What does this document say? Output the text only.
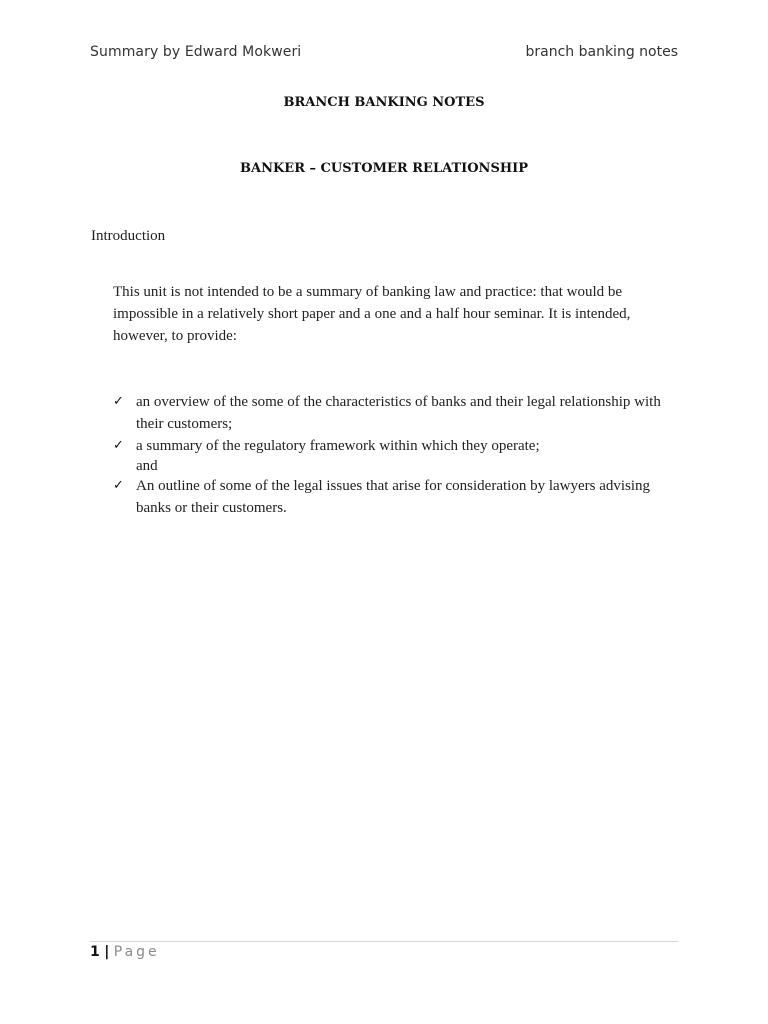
Summary by Edward Mokweri	branch banking notes
BRANCH BANKING NOTES
BANKER – CUSTOMER RELATIONSHIP
Introduction
This unit is not intended to be a summary of banking law and practice: that would be impossible in a relatively short paper and a one and a half hour seminar. It is intended, however, to provide:
✓ an overview of the some of the characteristics of banks and their legal relationship with their customers;
✓ a summary of the regulatory framework within which they operate;
and
✓ An outline of some of the legal issues that arise for consideration by lawyers advising banks or their customers.
1 | Page
